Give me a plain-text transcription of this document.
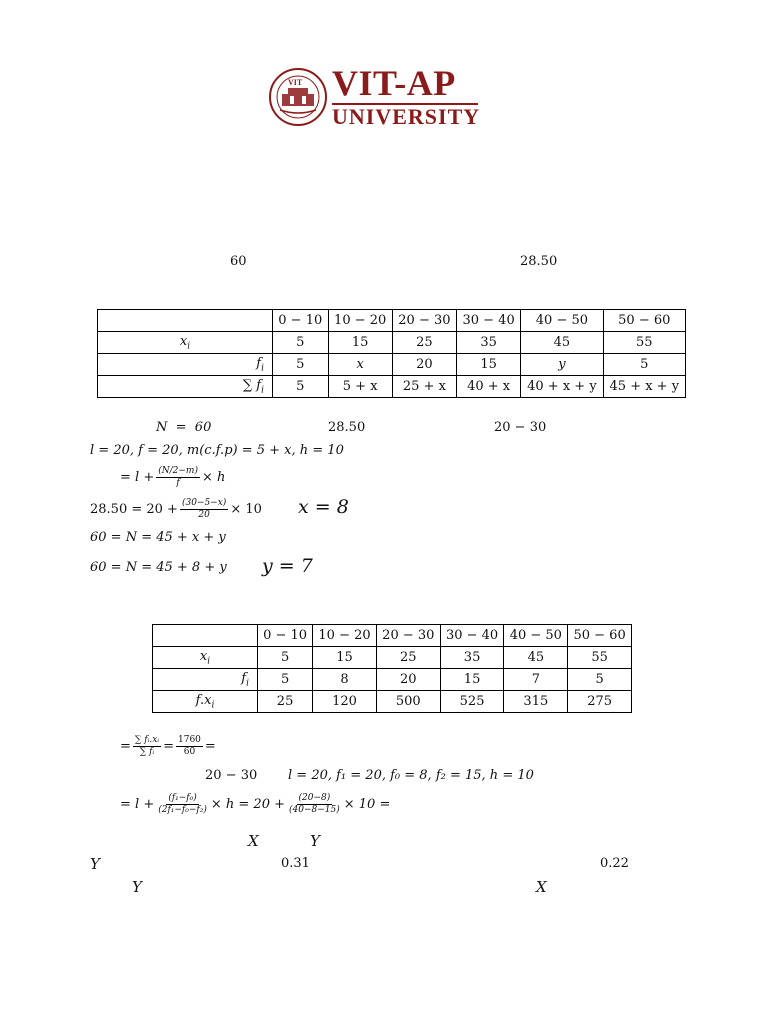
VIT VIT-AP
UNIVERSITY
60	28.50
	0 − 10	10 − 20	20 − 30	30 − 40	40 − 50	50 − 60
$x_i$	5	15	25	35	45	55
$f_i$	5	x	20	15	y	5
∑ $f_i$	5	5 + x	25 + x	40 + x	40 + x + y	45 + x + y
N  =  60	28.50	20 − 30
l = 20, f = 20, m(c.f.p) = 5 + x, h = 10
= $l + \frac{(N/2-m)}{f} \times h$
$28.50 = 20 + \frac{(30-5-x)}{20} \times 10$ x = 8
60 = N = 45 + x + y
60 = N = 45 + 8 + y y = 7
	0 − 10	10 − 20	20 − 30	30 − 40	40 − 50	50 − 60
$x_i$	5	15	25	35	45	55
$f_i$	5	8	20	15	7	5
$f.x_i$	25	120	500	525	315	275
= $\frac{\text{∑ fᵢ.xᵢ}}{\text{∑ fᵢ}} = \frac{1760}{60}$ =
20 − 30 l = 20, f₁ = 20, f₀ = 8, f₂ = 15, h = 10
= $l + \frac{\text{(f₁−f₀)}}{\text{(2f₁−f₀−f₂)}} \times h = 20 + \frac{(20-8)}{(40-8-15)} \times 10$ =
X	Y
Y	0.31	0.22
Y	X
